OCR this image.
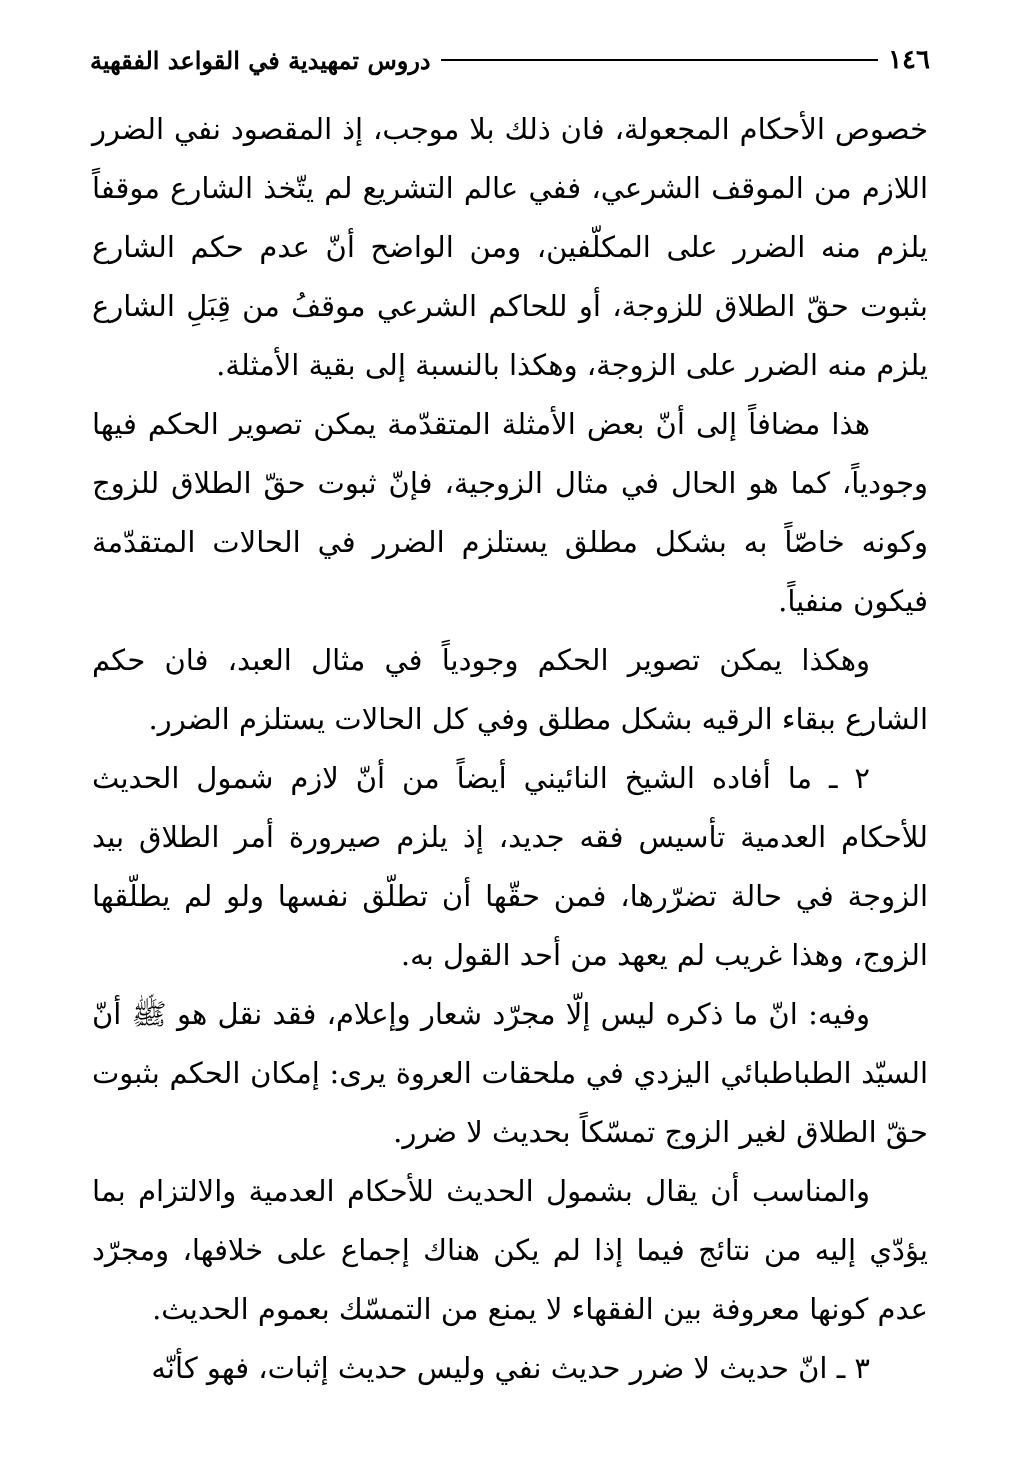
١٤٦
دروس تمهيدية في القواعد الفقهية

خصوص الأحكام المجعولة، فان ذلك بلا موجب، إذ المقصود نفي الضرر اللازم من الموقف الشرعي، ففي عالم التشريع لم يتّخذ الشارع موقفاً يلزم منه الضرر على المكلّفين، ومن الواضح أنّ عدم حكم الشارع بثبوت حقّ الطلاق للزوجة، أو للحاكم الشرعي موقفُ من قِبَلِ الشارع يلزم منه الضرر على الزوجة، وهكذا بالنسبة إلى بقية الأمثلة.

هذا مضافاً إلى أنّ بعض الأمثلة المتقدّمة يمكن تصوير الحكم فيها وجودياً، كما هو الحال في مثال الزوجية، فإنّ ثبوت حقّ الطلاق للزوج وكونه خاصّاً به بشكل مطلق يستلزم الضرر في الحالات المتقدّمة فيكون منفياً.

وهكذا يمكن تصوير الحكم وجودياً في مثال العبد، فان حكم الشارع ببقاء الرقيه بشكل مطلق وفي كل الحالات يستلزم الضرر.

٢ ـ ما أفاده الشيخ النائيني أيضاً من أنّ لازم شمول الحديث للأحكام العدمية تأسيس فقه جديد، إذ يلزم صيرورة أمر الطلاق بيد الزوجة في حالة تضرّرها، فمن حقّها أن تطلّق نفسها ولو لم يطلّقها الزوج، وهذا غريب لم يعهد من أحد القول به.

وفيه: انّ ما ذكره ليس إلّا مجرّد شعار وإعلام، فقد نقل هو ﷺ أنّ السيّد الطباطبائي اليزدي في ملحقات العروة يرى: إمكان الحكم بثبوت حقّ الطلاق لغير الزوج تمسّكاً بحديث لا ضرر.

والمناسب أن يقال بشمول الحديث للأحكام العدمية والالتزام بما يؤدّي إليه من نتائج فيما إذا لم يكن هناك إجماع على خلافها، ومجرّد عدم كونها معروفة بين الفقهاء لا يمنع من التمسّك بعموم الحديث.

٣ ـ انّ حديث لا ضرر حديث نفي وليس حديث إثبات، فهو كأنّه
